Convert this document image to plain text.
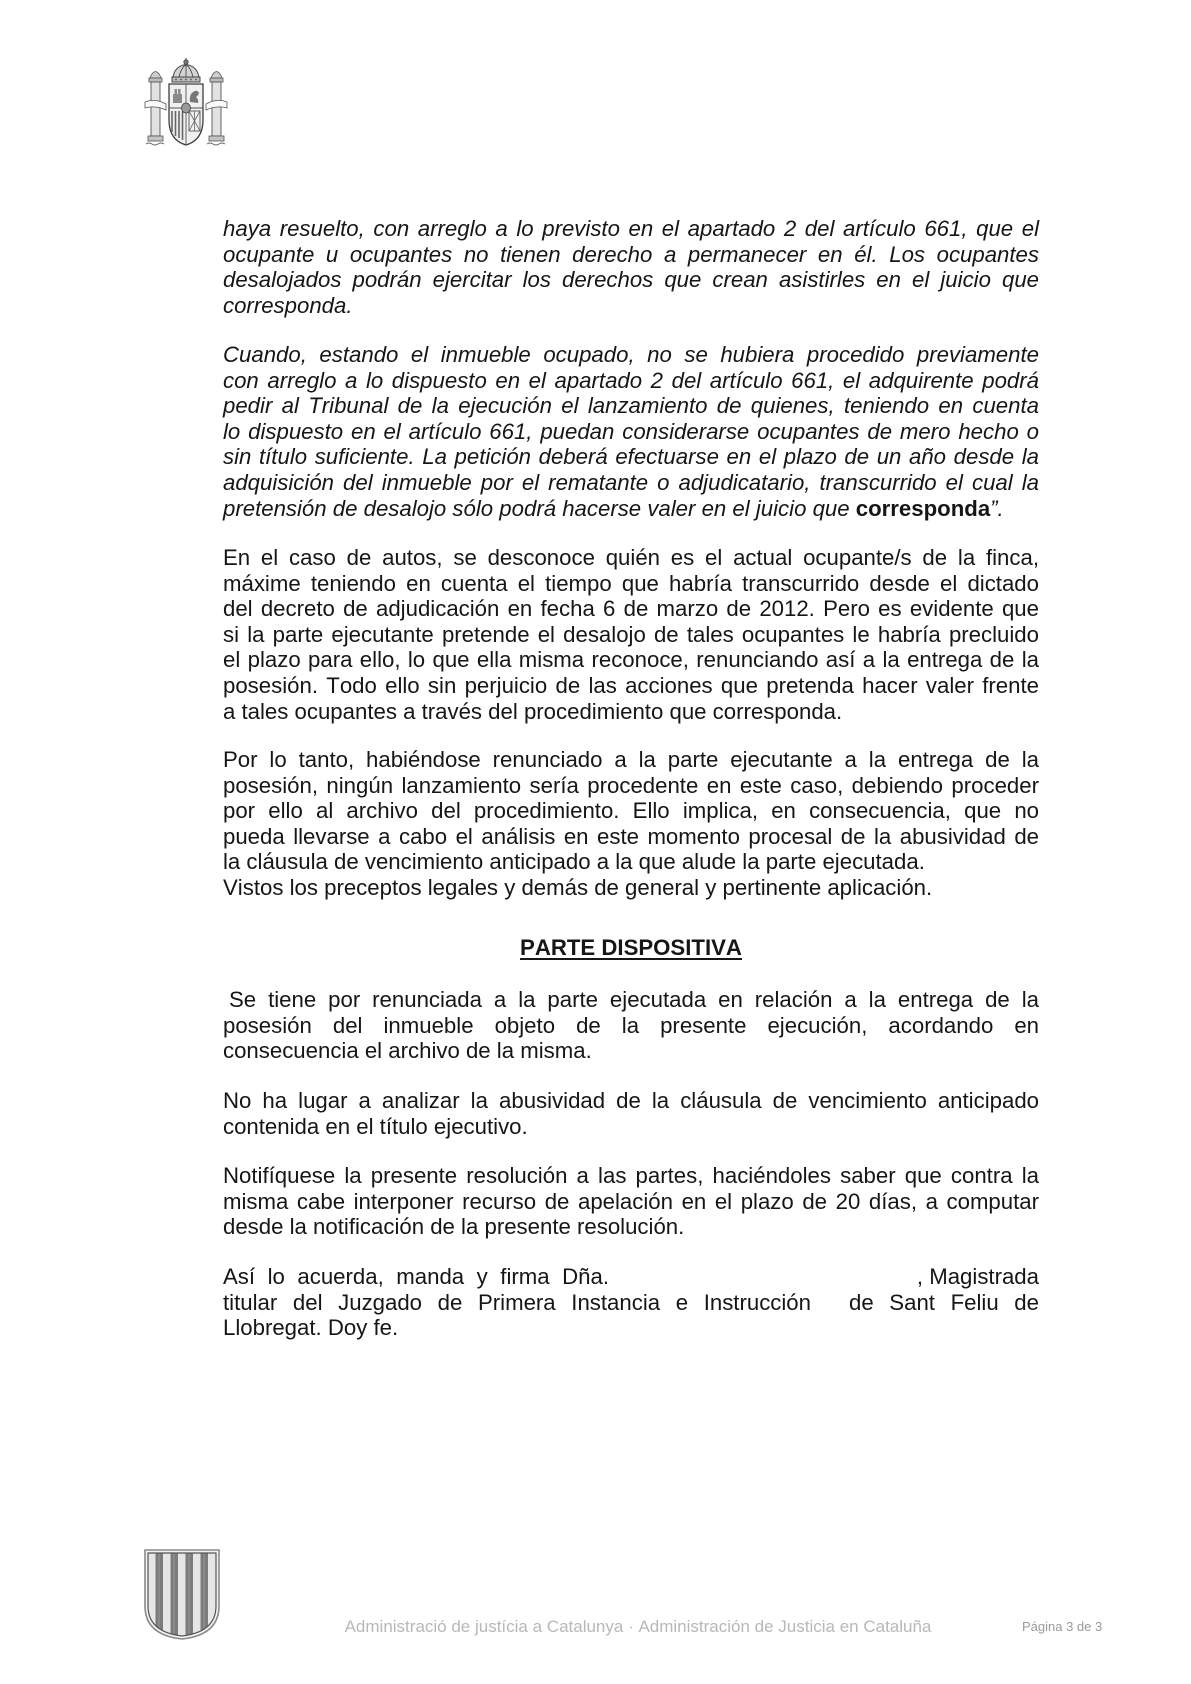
haya resuelto, con arreglo a lo previsto en el apartado 2 del artículo 661, que el
ocupante u ocupantes no tienen derecho a permanecer en él. Los ocupantes
desalojados podrán ejercitar los derechos que crean asistirles en el juicio que
corresponda.
Cuando, estando el inmueble ocupado, no se hubiera procedido previamente
con arreglo a lo dispuesto en el apartado 2 del artículo 661, el adquirente podrá
pedir al Tribunal de la ejecución el lanzamiento de quienes, teniendo en cuenta
lo dispuesto en el artículo 661, puedan considerarse ocupantes de mero hecho o
sin título suficiente. La petición deberá efectuarse en el plazo de un año desde la
adquisición del inmueble por el rematante o adjudicatario, transcurrido el cual la
pretensión de desalojo sólo podrá hacerse valer en el juicio que corresponda”.
En el caso de autos, se desconoce quién es el actual ocupante/s de la finca,
máxime teniendo en cuenta el tiempo que habría transcurrido desde el dictado
del decreto de adjudicación en fecha 6 de marzo de 2012. Pero es evidente que
si la parte ejecutante pretende el desalojo de tales ocupantes le habría precluido
el plazo para ello, lo que ella misma reconoce, renunciando así a la entrega de la
posesión. Todo ello sin perjuicio de las acciones que pretenda hacer valer frente
a tales ocupantes a través del procedimiento que corresponda.
Por lo tanto, habiéndose renunciado a la parte ejecutante a la entrega de la
posesión, ningún lanzamiento sería procedente en este caso, debiendo proceder
por ello al archivo del procedimiento. Ello implica, en consecuencia, que no
pueda llevarse a cabo el análisis en este momento procesal de la abusividad de
la cláusula de vencimiento anticipado a la que alude la parte ejecutada.
Vistos los preceptos legales y demás de general y pertinente aplicación.
PARTE DISPOSITIVA
Se tiene por renunciada a la parte ejecutada en relación a la entrega de la
posesión del inmueble objeto de la presente ejecución, acordando en
consecuencia el archivo de la misma.
No ha lugar a analizar la abusividad de la cláusula de vencimiento anticipado
contenida en el título ejecutivo.
Notifíquese la presente resolución a las partes, haciéndoles saber que contra la
misma cabe interponer recurso de apelación en el plazo de 20 días, a computar
desde la notificación de la presente resolución.
Así lo acuerda, manda y firma Dña.	, Magistrada
titular del Juzgado de Primera Instancia e Instrucción de Sant Feliu de
Llobregat. Doy fe.
Administració de justícia a Catalunya · Administración de Justicia en Cataluña	Página 3 de 3
